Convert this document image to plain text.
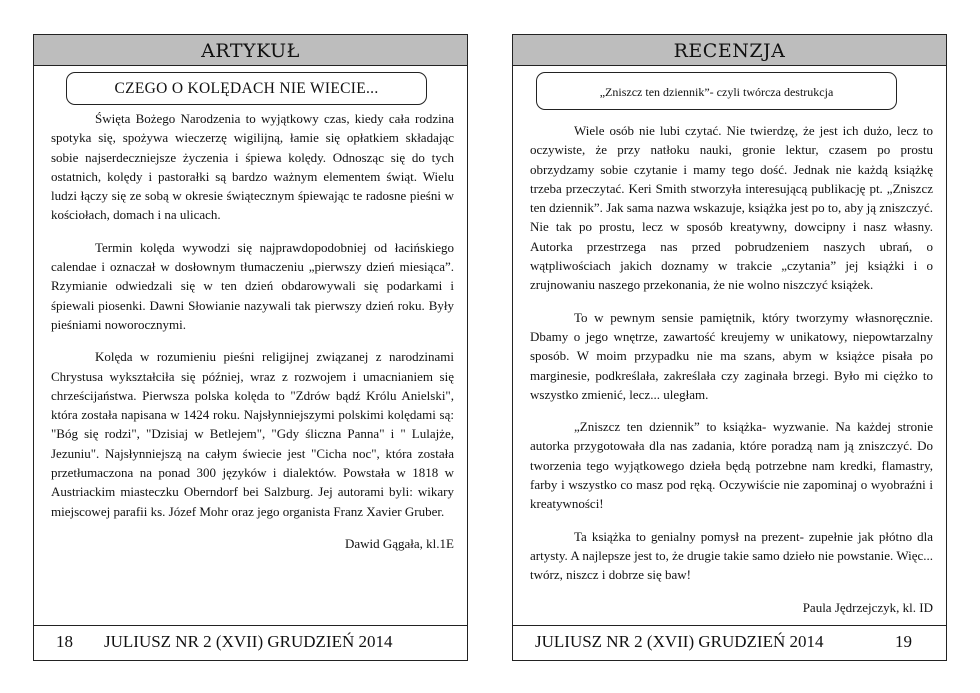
ARTYKUŁ
CZEGO O KOLĘDACH NIE WIECIE...

Święta Bożego Narodzenia to wyjątkowy czas, kiedy cała rodzina spotyka się, spożywa wieczerzę wigilijną, łamie się opłatkiem składając sobie najserdeczniejsze życzenia i śpiewa kolędy. Odnosząc się do tych ostatnich, kolędy i pastorałki są bardzo ważnym elementem świąt. Wielu ludzi łączy się ze sobą w okresie świątecznym śpiewając te radosne pieśni w kościołach, domach i na ulicach.

Termin kolęda wywodzi się najprawdopodobniej od łacińskiego calendae i oznaczał w dosłownym tłumaczeniu „pierwszy dzień miesiąca”. Rzymianie odwiedzali się w ten dzień obdarowywali się podarkami i śpiewali piosenki. Dawni Słowianie nazywali tak pierwszy dzień roku. Były pieśniami noworocznymi.

Kolęda w rozumieniu pieśni religijnej związanej z narodzinami Chrystusa wykształciła się później, wraz z rozwojem i umacnianiem się chrześcijaństwa. Pierwsza polska kolęda to "Zdrów bądź Królu Anielski", która została napisana w 1424 roku. Najsłynniejszymi polskimi kolędami są: "Bóg się rodzi", "Dzisiaj w Betlejem", "Gdy śliczna Panna" i " Lulajże, Jezuniu". Najsłynniejszą na całym świecie jest "Cicha noc", która została przetłumaczona na ponad 300 języków i dialektów. Powstała w 1818 w Austriackim miasteczku Oberndorf bei Salzburg. Jej autorami byli: wikary miejscowej parafii ks. Józef Mohr oraz jego organista Franz Xavier Gruber.

Dawid Gągała, kl.1E
18 JULIUSZ NR 2 (XVII) GRUDZIEŃ 2014
RECENZJA
„Zniszcz ten dziennik”- czyli twórcza destrukcja

Wiele osób nie lubi czytać. Nie twierdzę, że jest ich dużo, lecz to oczywiste, że przy natłoku nauki, gronie lektur, czasem po prostu obrzydzamy sobie czytanie i mamy tego dość. Jednak nie każdą książkę trzeba przeczytać. Keri Smith stworzyła interesującą publikację pt. „Zniszcz ten dziennik”. Jak sama nazwa wskazuje, książka jest po to, aby ją zniszczyć. Nie tak po prostu, lecz w sposób kreatywny, dowcipny i nasz własny. Autorka przestrzega nas przed pobrudzeniem naszych ubrań, o wątpliwościach jakich doznamy w trakcie „czytania” jej książki i o zrujnowaniu naszego przekonania, że nie wolno niszczyć książek.

To w pewnym sensie pamiętnik, który tworzymy własnoręcznie. Dbamy o jego wnętrze, zawartość kreujemy w unikatowy, niepowtarzalny sposób. W moim przypadku nie ma szans, abym w książce pisała po marginesie, podkreślała, zakreślała czy zaginała brzegi. Było mi ciężko to wszystko zmienić, lecz... uległam.

„Zniszcz ten dziennik” to książka- wyzwanie. Na każdej stronie autorka przygotowała dla nas zadania, które poradzą nam ją zniszczyć. Do tworzenia tego wyjątkowego dzieła będą potrzebne nam kredki, flamastry, farby i wszystko co masz pod ręką. Oczywiście nie zapominaj o wyobraźni i kreatywności!

Ta książka to genialny pomysł na prezent- zupełnie jak płótno dla artysty. A najlepsze jest to, że drugie takie samo dzieło nie powstanie. Więc... twórz, niszcz i dobrze się baw!

Paula Jędrzejczyk, kl. ID
JULIUSZ NR 2 (XVII) GRUDZIEŃ 2014	19
